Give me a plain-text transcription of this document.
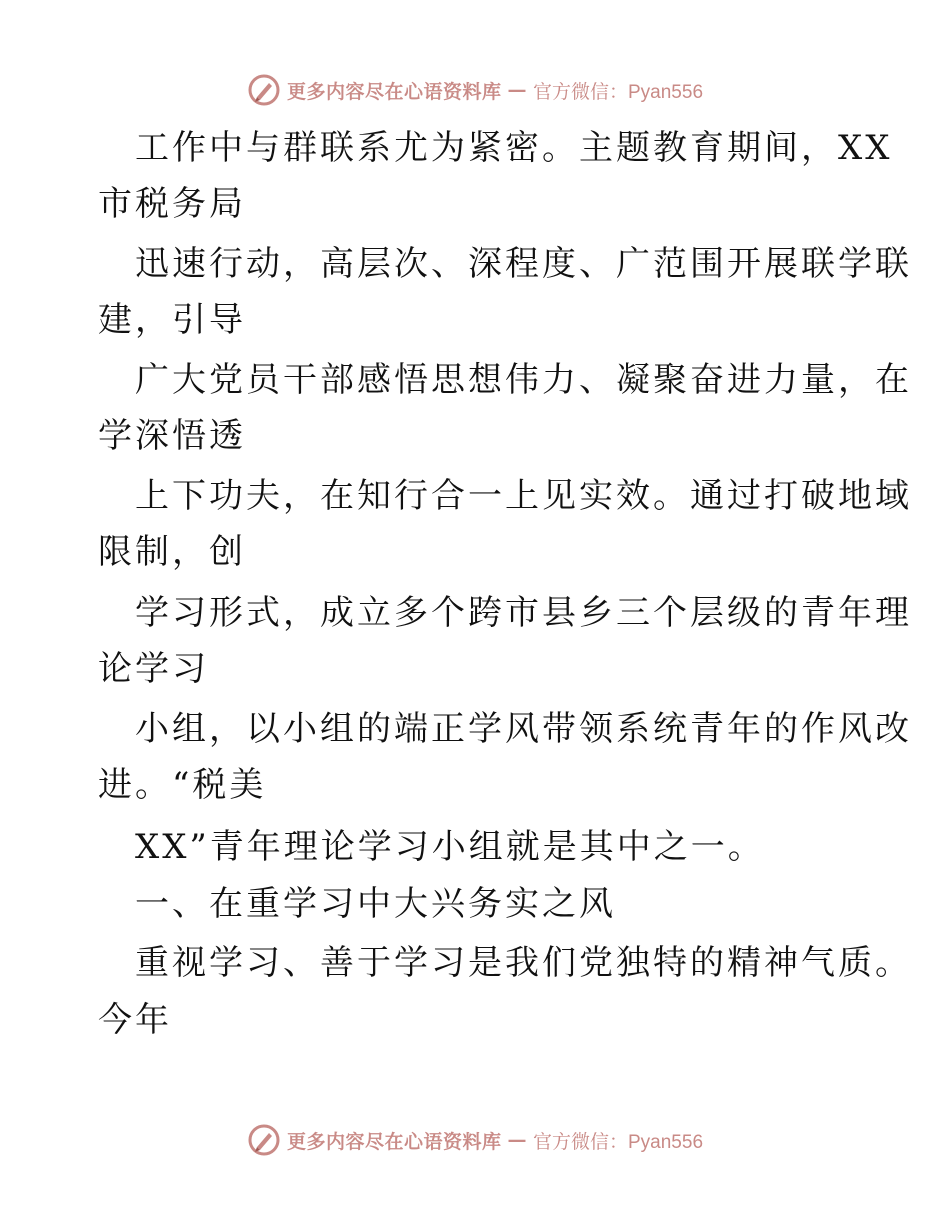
更多内容尽在心语资料库 — 官方微信：Pyan556
工作中与群联系尤为紧密。主题教育期间，XX
市税务局
迅速行动，高层次、深程度、广范围开展联学联
建，引导
广大党员干部感悟思想伟力、凝聚奋进力量，在
学深悟透
上下功夫，在知行合一上见实效。通过打破地域
限制，创
学习形式，成立多个跨市县乡三个层级的青年理
论学习
小组，以小组的端正学风带领系统青年的作风改
进。“税美
XX”青年理论学习小组就是其中之一。
一、在重学习中大兴务实之风
重视学习、善于学习是我们党独特的精神气质。
今年
更多内容尽在心语资料库 — 官方微信：Pyan556
